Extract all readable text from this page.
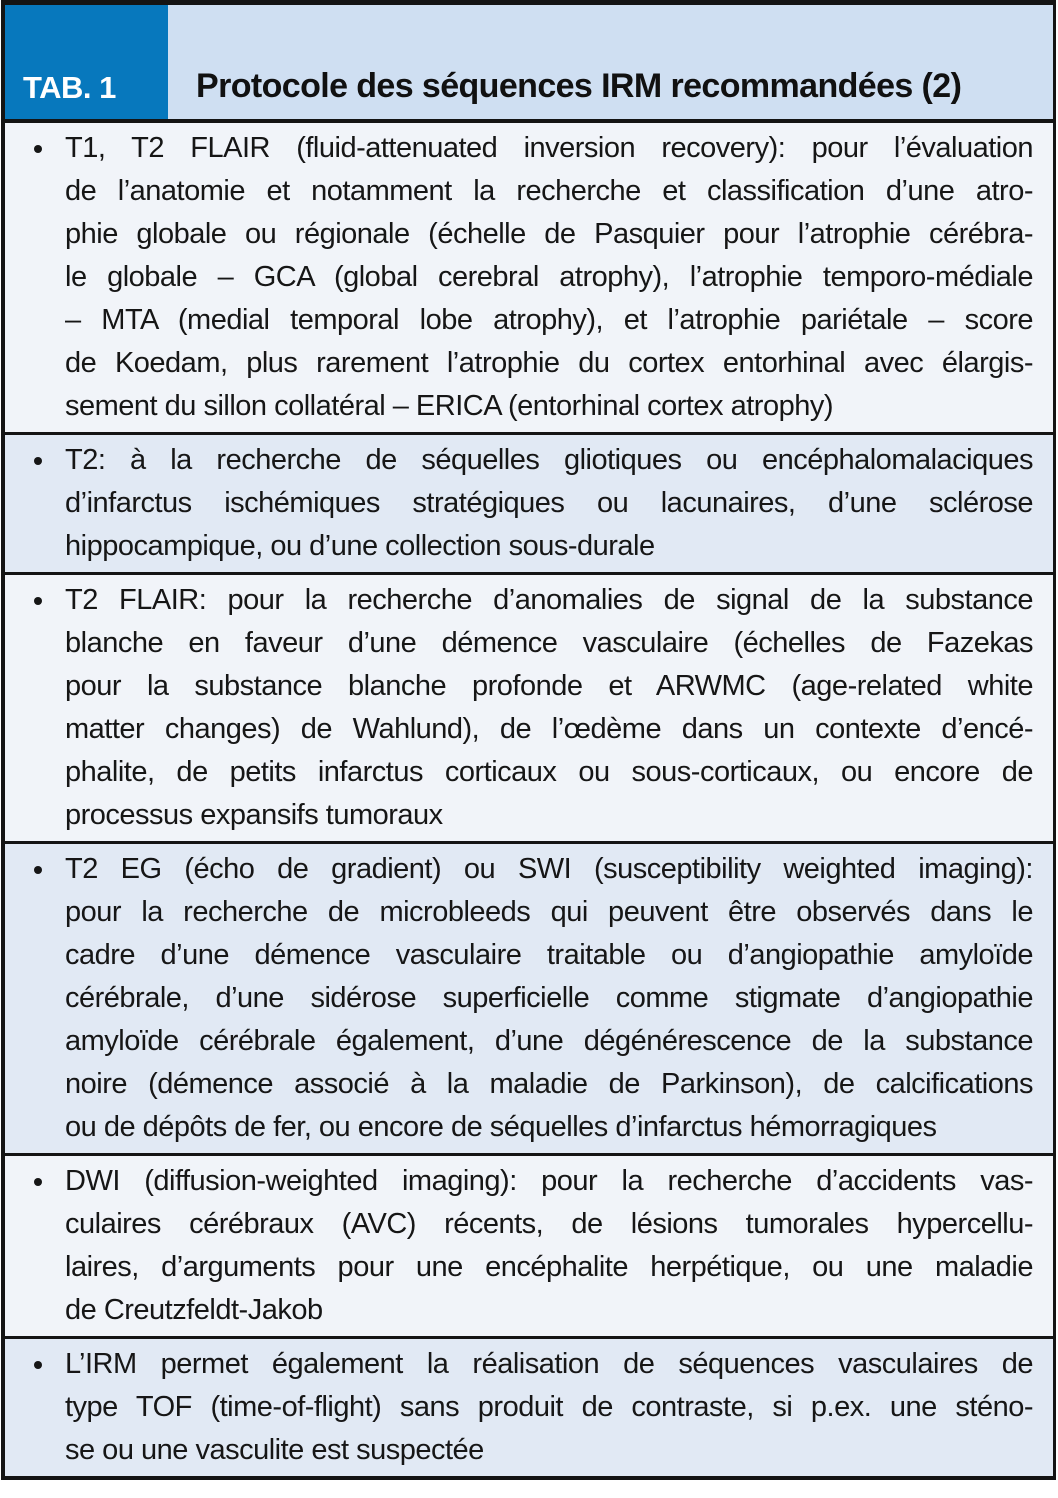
TAB. 1 Protocole des séquences IRM recommandées (2)
T1, T2 FLAIR (fluid-attenuated inversion recovery): pour l’évaluation
de l’anatomie et notamment la recherche et classification d’une atro-
phie globale ou régionale (échelle de Pasquier pour l’atrophie cérébra-
le globale – GCA (global cerebral atrophy), l’atrophie temporo-médiale
– MTA (medial temporal lobe atrophy), et l’atrophie pariétale – score
de Koedam, plus rarement l’atrophie du cortex entorhinal avec élargis-
sement du sillon collatéral – ERICA (entorhinal cortex atrophy)
T2: à la recherche de séquelles gliotiques ou encéphalomalaciques
d’infarctus ischémiques stratégiques ou lacunaires, d’une sclérose
hippocampique, ou d’une collection sous-durale
T2 FLAIR: pour la recherche d’anomalies de signal de la substance
blanche en faveur d’une démence vasculaire (échelles de Fazekas
pour la substance blanche profonde et ARWMC (age-related white
matter changes) de Wahlund), de l’œdème dans un contexte d’encé-
phalite, de petits infarctus corticaux ou sous-corticaux, ou encore de
processus expansifs tumoraux
T2 EG (écho de gradient) ou SWI (susceptibility weighted imaging):
pour la recherche de microbleeds qui peuvent être observés dans le
cadre d’une démence vasculaire traitable ou d’angiopathie amyloïde
cérébrale, d’une sidérose superficielle comme stigmate d’angiopathie
amyloïde cérébrale également, d’une dégénérescence de la substance
noire (démence associé à la maladie de Parkinson), de calcifications
ou de dépôts de fer, ou encore de séquelles d’infarctus hémorragiques
DWI (diffusion-weighted imaging): pour la recherche d’accidents vas-
culaires cérébraux (AVC) récents, de lésions tumorales hypercellu-
laires, d’arguments pour une encéphalite herpétique, ou une maladie
de Creutzfeldt-Jakob
L’IRM permet également la réalisation de séquences vasculaires de
type TOF (time-of-flight) sans produit de contraste, si p.ex. une sténo-
se ou une vasculite est suspectée
